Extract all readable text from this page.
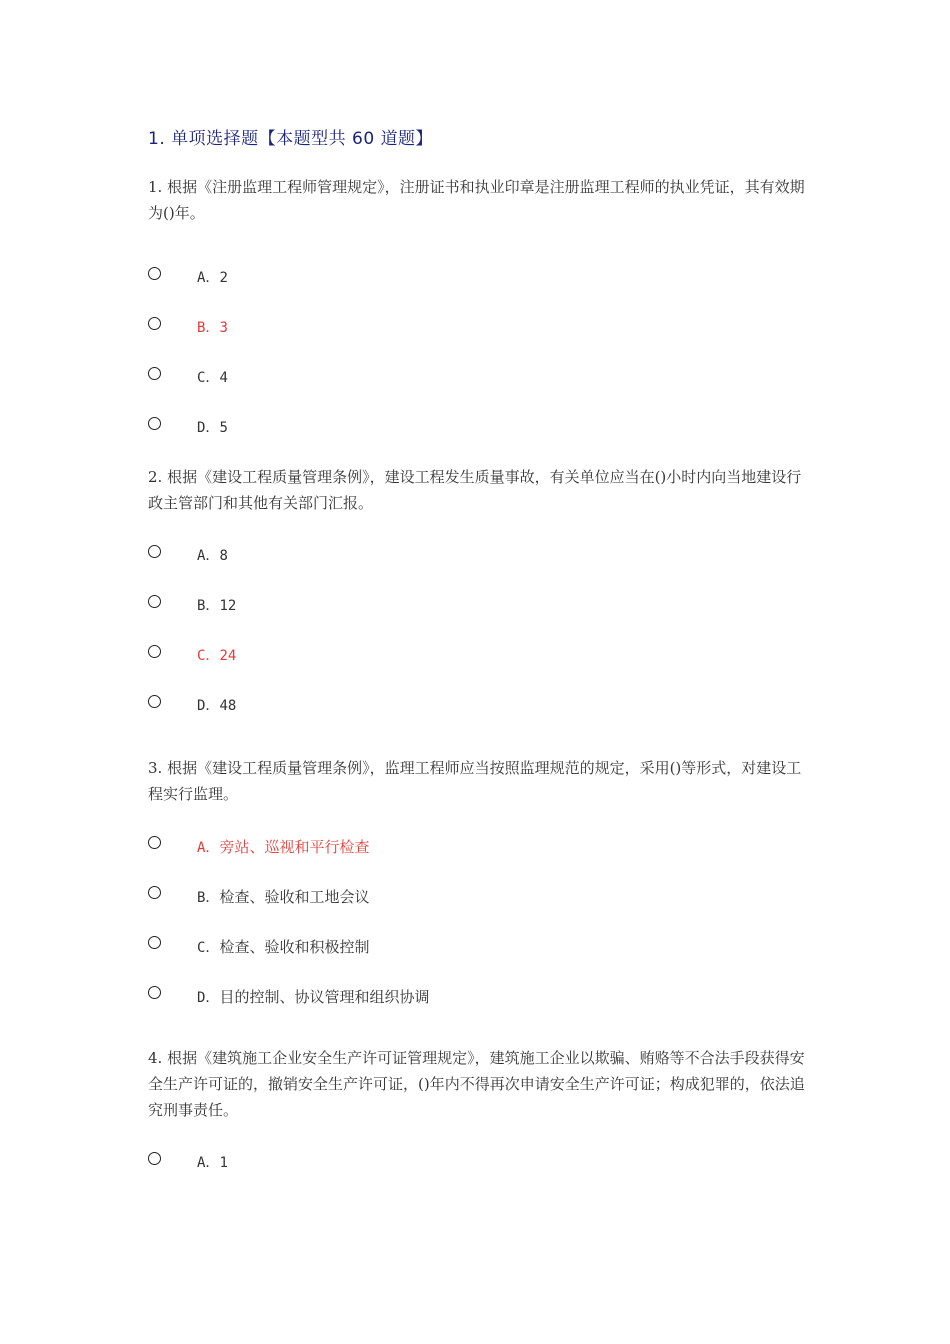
1. 单项选择题【本题型共 60 道题】

1. 根据《注册监理工程师管理规定》，注册证书和执业印章是注册监理工程师的执业凭证，其有效期为()年。

A．2
B．3
C．4
D．5

2. 根据《建设工程质量管理条例》，建设工程发生质量事故，有关单位应当在()小时内向当地建设行政主管部门和其他有关部门汇报。

A．8
B．12
C．24
D．48

3. 根据《建设工程质量管理条例》，监理工程师应当按照监理规范的规定，采用()等形式，对建设工程实行监理。

A．旁站、巡视和平行检查
B．检查、验收和工地会议
C．检查、验收和积极控制
D．目的控制、协议管理和组织协调

4. 根据《建筑施工企业安全生产许可证管理规定》，建筑施工企业以欺骗、贿赂等不合法手段获得安全生产许可证的，撤销安全生产许可证，()年内不得再次申请安全生产许可证；构成犯罪的，依法追究刑事责任。

A．1
